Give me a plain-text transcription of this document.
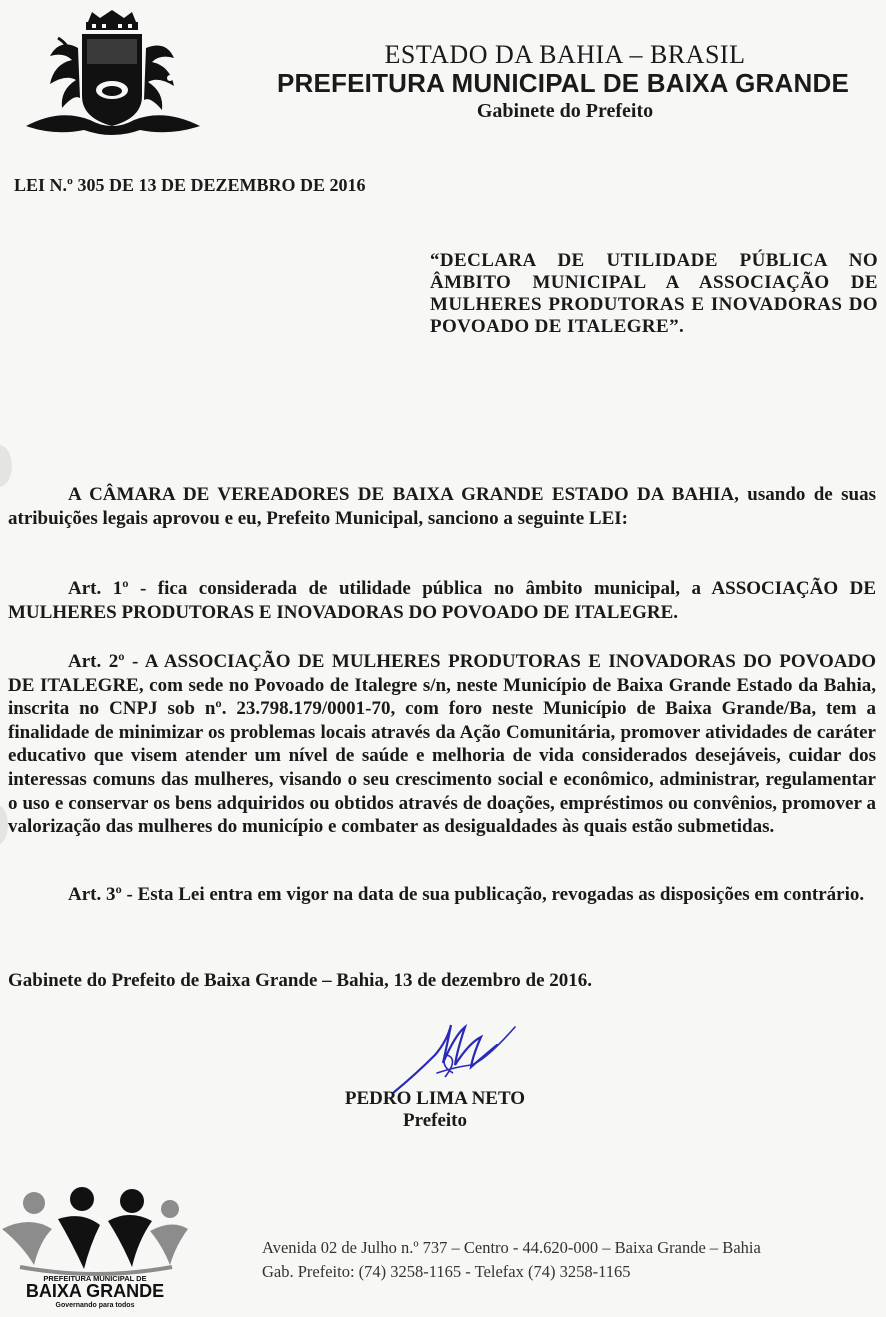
ESTADO DA BAHIA – BRASIL
PREFEITURA MUNICIPAL DE BAIXA GRANDE
Gabinete do Prefeito
LEI N.º 305 DE 13 DE DEZEMBRO DE 2016
“DECLARA DE UTILIDADE PÚBLICA NO ÂMBITO MUNICIPAL A ASSOCIAÇÃO DE MULHERES PRODUTORAS E INOVADORAS DO POVOADO DE ITALEGRE”.
A CÂMARA DE VEREADORES DE BAIXA GRANDE ESTADO DA BAHIA, usando de suas atribuições legais aprovou e eu, Prefeito Municipal, sanciono a seguinte LEI:
Art. 1º - fica considerada de utilidade pública no âmbito municipal, a ASSOCIAÇÃO DE MULHERES PRODUTORAS E INOVADORAS DO POVOADO DE ITALEGRE.
Art. 2º - A ASSOCIAÇÃO DE MULHERES PRODUTORAS E INOVADORAS DO POVOADO DE ITALEGRE, com sede no Povoado de Italegre s/n, neste Município de Baixa Grande Estado da Bahia, inscrita no CNPJ sob nº. 23.798.179/0001-70, com foro neste Município de Baixa Grande/Ba, tem a finalidade de minimizar os problemas locais através da Ação Comunitária, promover atividades de caráter educativo que visem atender um nível de saúde e melhoria de vida considerados desejáveis, cuidar dos interessas comuns das mulheres, visando o seu crescimento social e econômico, administrar, regulamentar o uso e conservar os bens adquiridos ou obtidos através de doações, empréstimos ou convênios, promover a valorização das mulheres do município e combater as desigualdades às quais estão submetidas.
Art. 3º - Esta Lei entra em vigor na data de sua publicação, revogadas as disposições em contrário.
Gabinete do Prefeito de Baixa Grande – Bahia, 13 de dezembro de 2016.
PEDRO LIMA NETO
Prefeito
PREFEITURA MUNICIPAL DE
BAIXA GRANDE
Governando para todos
Avenida 02 de Julho n.º 737 – Centro - 44.620-000 – Baixa Grande – Bahia
Gab. Prefeito: (74) 3258-1165 - Telefax (74) 3258-1165
